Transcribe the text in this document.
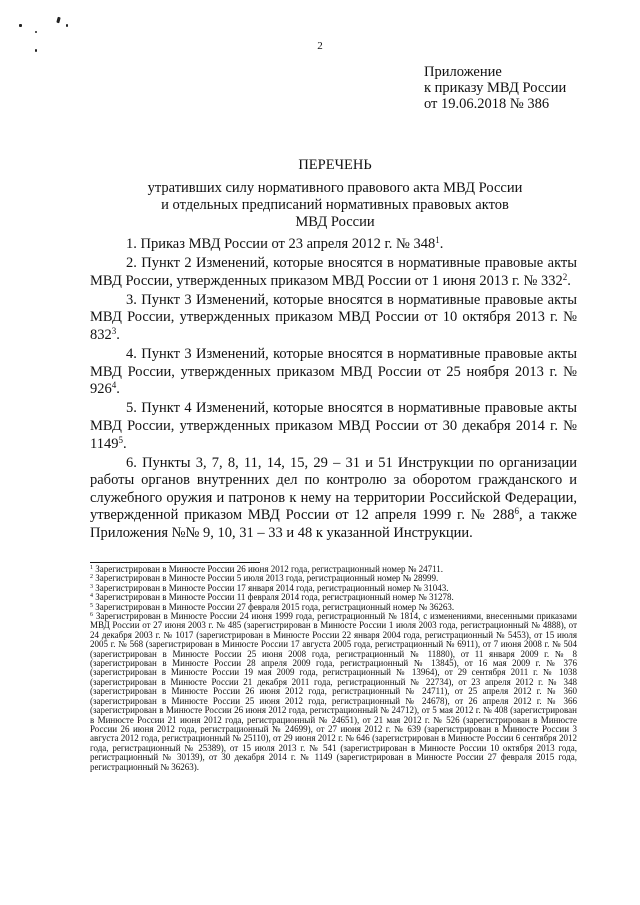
2
Приложение
к приказу МВД России
от 19.06.2018 № 386
ПЕРЕЧЕНЬ
утративших силу нормативного правового акта МВД России
и отдельных предписаний нормативных правовых актов
МВД России

1. Приказ МВД России от 23 апреля 2012 г. № $348^1$.

2. Пункт 2 Изменений, которые вносятся в нормативные правовые акты МВД России, утвержденных приказом МВД России от 1 июня 2013 г. № $332^2$.

3. Пункт 3 Изменений, которые вносятся в нормативные правовые акты МВД России, утвержденных приказом МВД России от 10 октября 2013 г. № $832^3$.

4. Пункт 3 Изменений, которые вносятся в нормативные правовые акты МВД России, утвержденных приказом МВД России от 25 ноября 2013 г. № $926^4$.

5. Пункт 4 Изменений, которые вносятся в нормативные правовые акты МВД России, утвержденных приказом МВД России от 30 декабря 2014 г. № 1149$^5$.

6. Пункты 3, 7, 8, 11, 14, 15, 29 – 31 и 51 Инструкции по организации работы органов внутренних дел по контролю за оборотом гражданского и служебного оружия и патронов к нему на территории Российской Федерации, утвержденной приказом МВД России от 12 апреля 1999 г. № $288^6$, а также Приложения №№ 9, 10, 31 – 33 и 48 к указанной Инструкции.

$^1$ Зарегистрирован в Минюсте России 26 июня 2012 года, регистрационный номер № 24711.

$^2$ Зарегистрирован в Минюсте России 5 июля 2013 года, регистрационный номер № 28999.

$^3$ Зарегистрирован в Минюсте России 17 января 2014 года, регистрационный номер № 31043.

$^4$ Зарегистрирован в Минюсте России 11 февраля 2014 года, регистрационный номер № 31278.

$^5$ Зарегистрирован в Минюсте России 27 февраля 2015 года, регистрационный номер № 36263.

$^6$ Зарегистрирован в Минюсте России 24 июня 1999 года, регистрационный № 1814, с изменениями, внесенными приказами МВД России от 27 июня 2003 г. № 485 (зарегистрирован в Минюсте России 1 июля 2003 года, регистрационный № 4888), от 24 декабря 2003 г. № 1017 (зарегистрирован в Минюсте России 22 января 2004 года, регистрационный № 5453), от 15 июля 2005 г. № 568 (зарегистрирован в Минюсте России 17 августа 2005 года, регистрационный № 6911), от 7 июня 2008 г. № 504 (зарегистрирован в Минюсте России 25 июня 2008 года, регистрационный № 11880), от 11 января 2009 г. № 8 (зарегистрирован в Минюсте России 28 апреля 2009 года, регистрационный № 13845), от 16 мая 2009 г. № 376 (зарегистрирован в Минюсте России 19 мая 2009 года, регистрационный № 13964), от 29 сентября 2011 г. № 1038 (зарегистрирован в Минюсте России 21 декабря 2011 года, регистрационный № 22734), от 23 апреля 2012 г. № 348 (зарегистрирован в Минюсте России 26 июня 2012 года, регистрационный № 24711), от 25 апреля 2012 г. № 360 (зарегистрирован в Минюсте России 25 июня 2012 года, регистрационный № 24678), от 26 апреля 2012 г. № 366 (зарегистрирован в Минюсте России 26 июня 2012 года, регистрационный № 24712), от 5 мая 2012 г. № 408 (зарегистрирован в Минюсте России 21 июня 2012 года, регистрационный № 24651), от 21 мая 2012 г. № 526 (зарегистрирован в Минюсте России 26 июня 2012 года, регистрационный № 24699), от 27 июня 2012 г. № 639 (зарегистрирован в Минюсте России 3 августа 2012 года, регистрационный № 25110), от 29 июня 2012 г. № 646 (зарегистрирован в Минюсте России 6 сентября 2012 года, регистрационный № 25389), от 15 июля 2013 г. № 541 (зарегистрирован в Минюсте России 10 октября 2013 года, регистрационный № 30139), от 30 декабря 2014 г. № 1149 (зарегистрирован в Минюсте России 27 февраля 2015 года, регистрационный № 36263).
